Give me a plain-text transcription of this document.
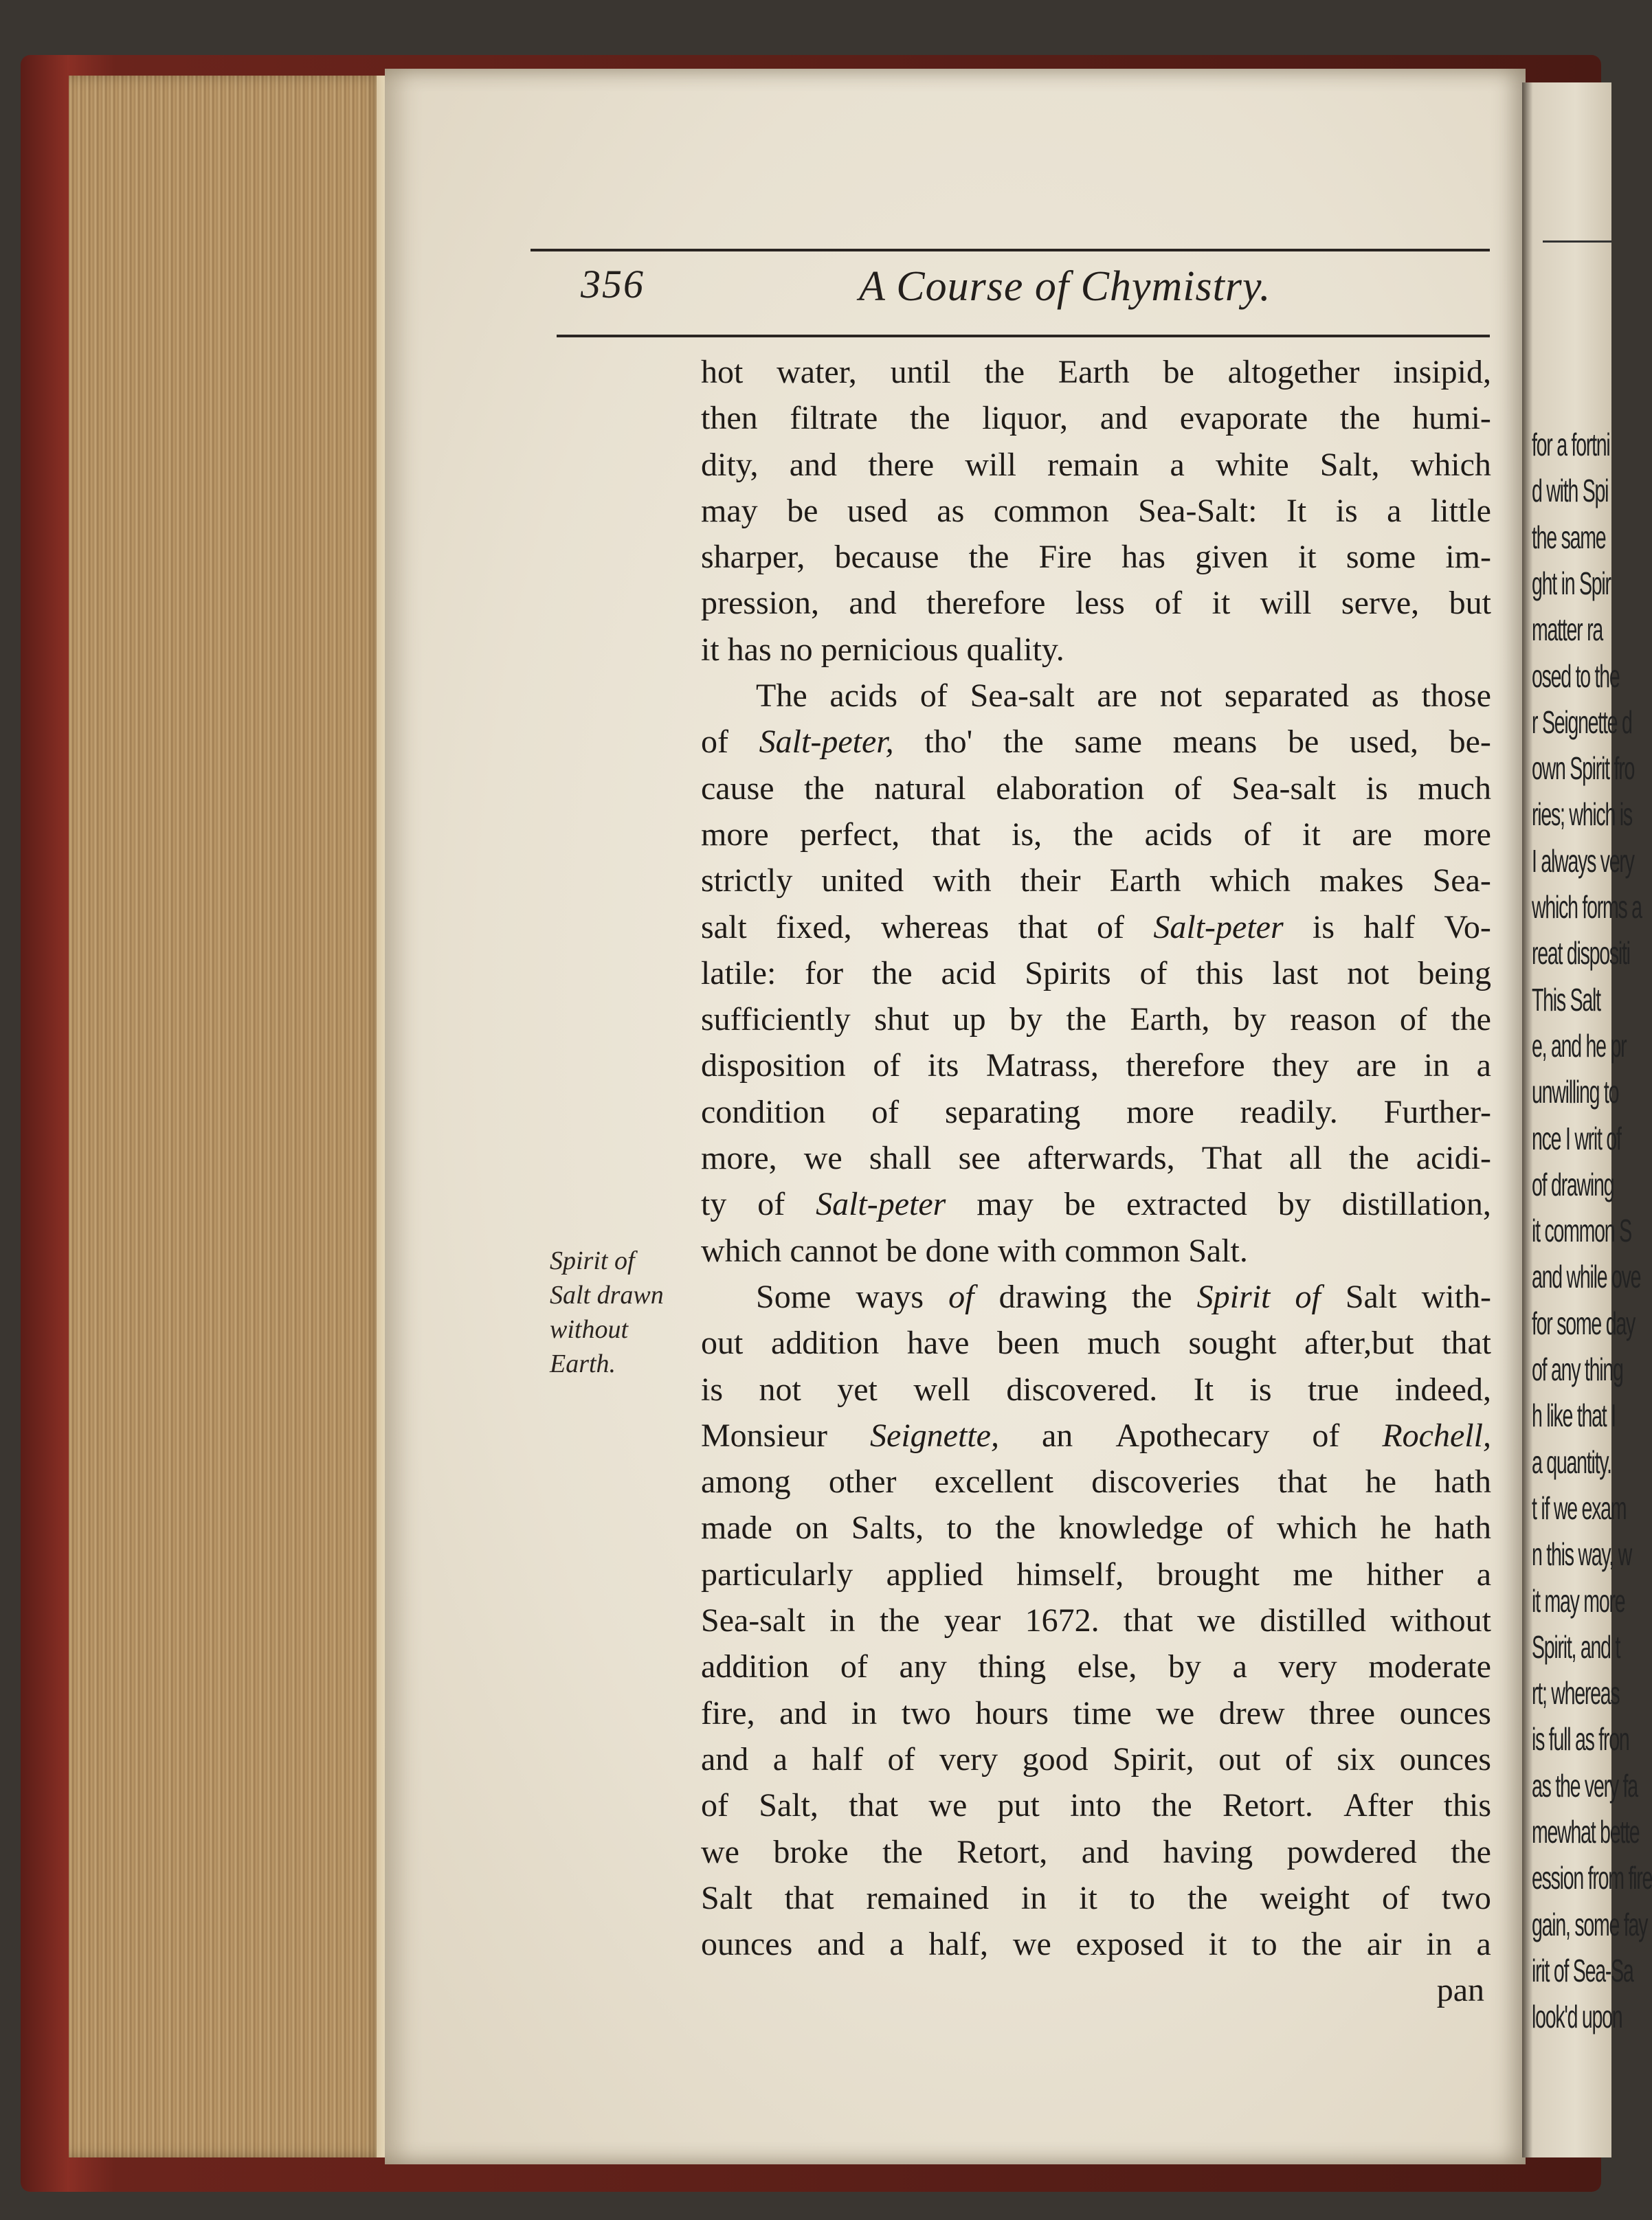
for a fortni
d with Spi
the same
ght in Spir
matter ra
osed to the
r Seignette d
own Spirit fro
ries; which is
I always very
which forms a
reat dispositi
This Salt
e, and he pr
unwilling to
nce I writ of
of drawing
it common S
and while ove
for some day
of any thing
h like that I
a quantity.
t if we exam
n this way, w
it may more
Spirit, and t
rt; whereas
is full as fron
as the very fa
mewhat bette
ession from fire
gain, some fay
irit of Sea-Sa
look'd upon
356	A Course of Chymistry.
Spirit of
Salt drawn
without
Earth.
hot water, until the Earth be altogether insipid,
then filtrate the liquor, and evaporate the humi-
dity, and there will remain a white Salt, which
may be used as common Sea-Salt: It is a little
sharper, because the Fire has given it some im-
pression, and therefore less of it will serve, but
it has no pernicious quality.
The acids of Sea-salt are not separated as those
of Salt-peter, tho' the same means be used, be-
cause the natural elaboration of Sea-salt is much
more perfect, that is, the acids of it are more
strictly united with their Earth which makes Sea-
salt fixed, whereas that of Salt-peter is half Vo-
latile: for the acid Spirits of this last not being
sufficiently shut up by the Earth, by reason of the
disposition of its Matrass, therefore they are in a
condition of separating more readily. Further-
more, we shall see afterwards, That all the acidi-
ty of Salt-peter may be extracted by distillation,
which cannot be done with common Salt.
Some ways of drawing the Spirit of Salt with-
out addition have been much sought after,but that
is not yet well discovered. It is true indeed,
Monsieur Seignette, an Apothecary of Rochell,
among other excellent discoveries that he hath
made on Salts, to the knowledge of which he hath
particularly applied himself, brought me hither a
Sea-salt in the year 1672. that we distilled without
addition of any thing else, by a very moderate
fire, and in two hours time we drew three ounces
and a half of very good Spirit, out of six ounces
of Salt, that we put into the Retort. After this
we broke the Retort, and having powdered the
Salt that remained in it to the weight of two
ounces and a half, we exposed it to the air in a
pan
